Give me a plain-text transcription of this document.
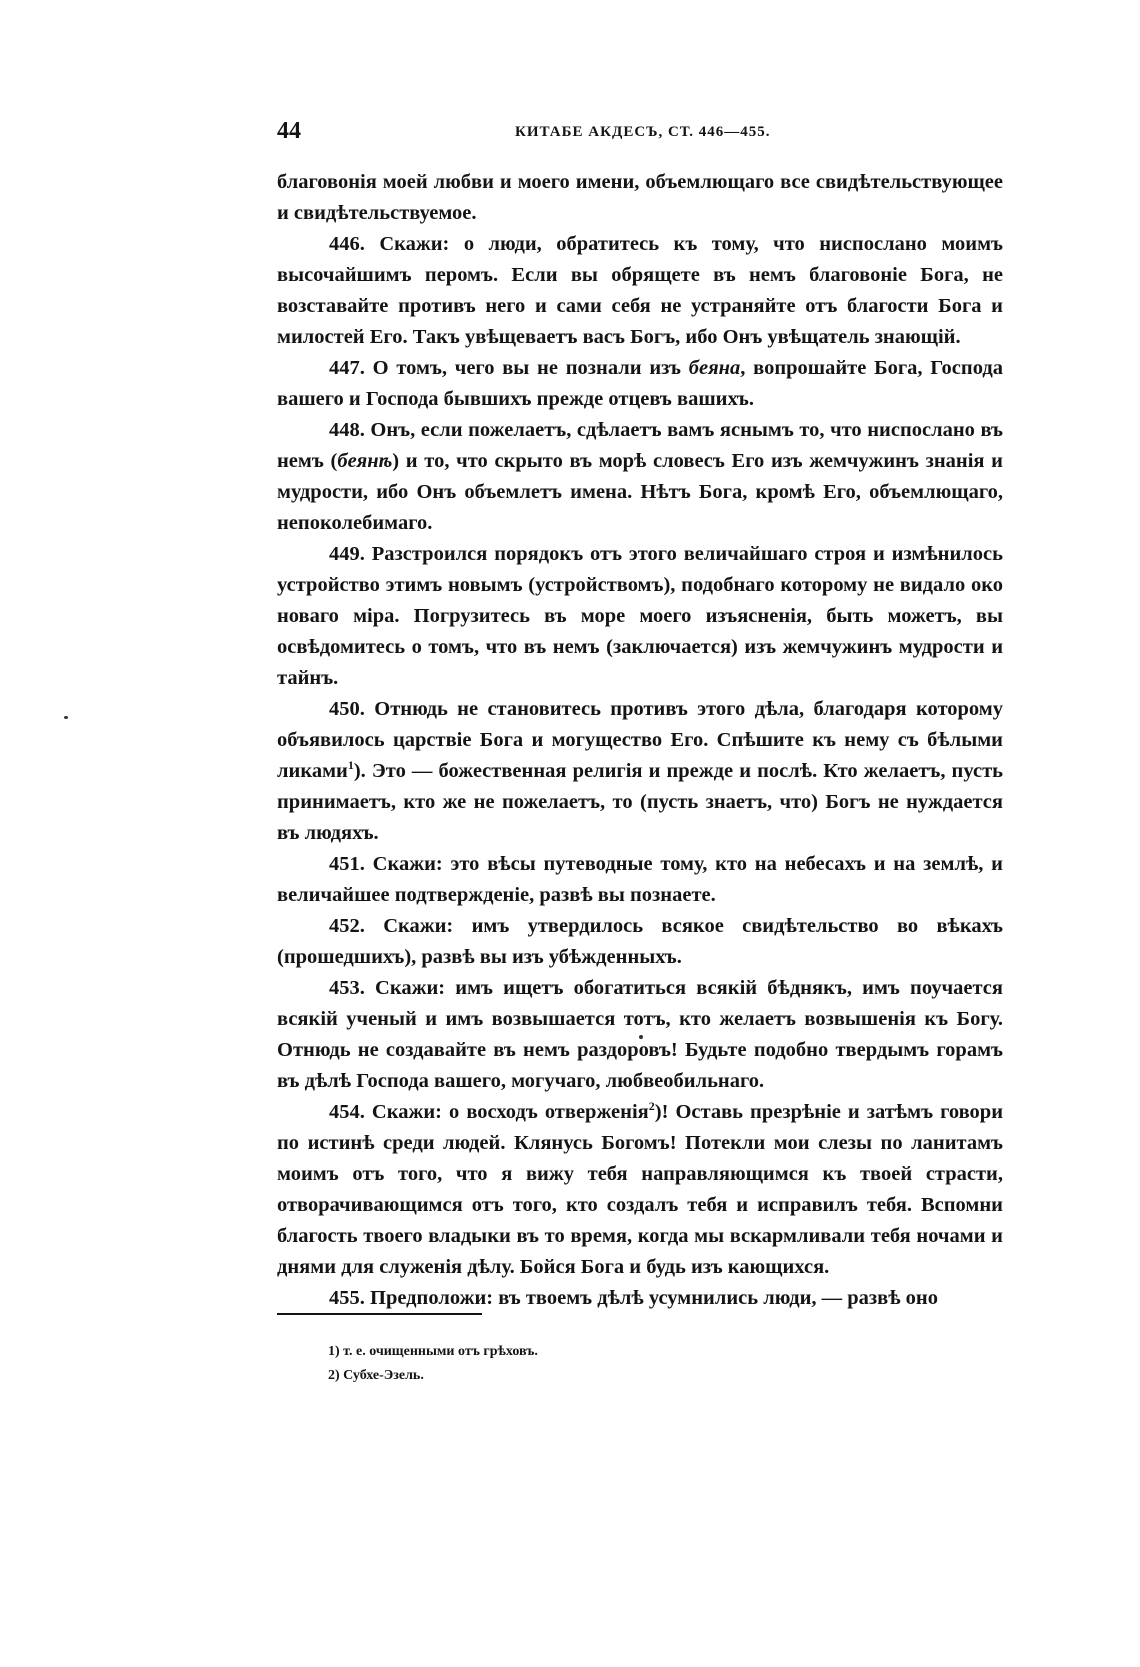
44	КИТАБЕ АКДЕСЪ, СТ. 446—455.

благовонія моей любви и моего имени, объемлющаго все свидѣтельствующее и свидѣтельствуемое.

446. Скажи: о люди, обратитесь къ тому, что ниспослано моимъ высочайшимъ перомъ. Если вы обрящете въ немъ благовоніе Бога, не возставайте противъ него и сами себя не устраняйте отъ благости Бога и милостей Его. Такъ увѣщеваетъ васъ Богъ, ибо Онъ увѣщатель знающій.

447. О томъ, чего вы не познали изъ беяна, вопрошайте Бога, Господа вашего и Господа бывшихъ прежде отцевъ вашихъ.

448. Онъ, если пожелаетъ, сдѣлаетъ вамъ яснымъ то, что ниспослано въ немъ (беянѣ) и то, что скрыто въ морѣ словесъ Его изъ жемчужинъ знанія и мудрости, ибо Онъ объемлетъ имена. Нѣтъ Бога, кромѣ Его, объемлющаго, непоколебимаго.

449. Разстроился порядокъ отъ этого величайшаго строя и измѣнилось устройство этимъ новымъ (устройствомъ), подобнаго которому не видало око новаго міра. Погрузитесь въ море моего изъясненія, быть можетъ, вы освѣдомитесь о томъ, что въ немъ (заключается) изъ жемчужинъ мудрости и тайнъ.

450. Отнюдь не становитесь противъ этого дѣла, благодаря которому объявилось царствіе Бога и могущество Его. Спѣшите къ нему съ бѣлыми ликами$^1$). Это — божественная религія и прежде и послѣ. Кто желаетъ, пусть принимаетъ, кто же не пожелаетъ, то (пусть знаетъ, что) Богъ не нуждается въ людяхъ.

451. Скажи: это вѣсы путеводные тому, кто на небесахъ и на землѣ, и величайшее подтвержденіе, развѣ вы познаете.

452. Скажи: имъ утвердилось всякое свидѣтельство во вѣкахъ (прошедшихъ), развѣ вы изъ убѣжденныхъ.

453. Скажи: имъ ищетъ обогатиться всякій бѣднякъ, имъ поучается всякій ученый и имъ возвышается тотъ, кто желаетъ возвышенія къ Богу. Отнюдь не создавайте въ немъ раздоровъ! Будьте подобно твердымъ горамъ въ дѣлѣ Господа вашего, могучаго, любвеобильнаго.

454. Скажи: о восходъ отверженія$^2$)! Оставь презрѣніе и затѣмъ говори по истинѣ среди людей. Клянусь Богомъ! Потекли мои слезы по ланитамъ моимъ отъ того, что я вижу тебя направляющимся къ твоей страсти, отворачивающимся отъ того, кто создалъ тебя и исправилъ тебя. Вспомни благость твоего владыки въ то время, когда мы вскармливали тебя ночами и днями для служенія дѣлу. Бойся Бога и будь изъ кающихся.

455. Предположи: въ твоемъ дѣлѣ усумнились люди, — развѣ оно

1) т. е. очищенными отъ грѣховъ.
2) Субхе-Эзель.
